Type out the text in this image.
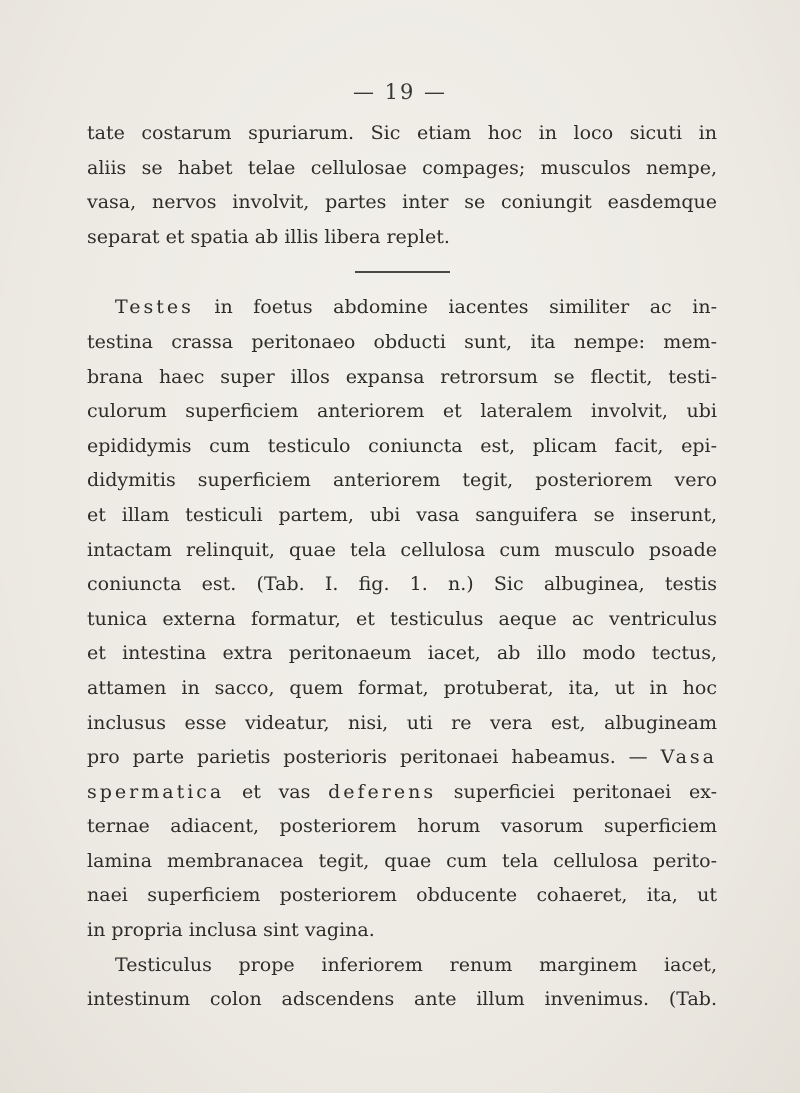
— 19 —
tate costarum spuriarum. Sic etiam hoc in loco sicuti in
aliis se habet telae cellulosae compages; musculos nempe,
vasa, nervos involvit, partes inter se coniungit easdemque
separat et spatia ab illis libera replet.
Testes in foetus abdomine iacentes similiter ac in-
testina crassa peritonaeo obducti sunt, ita nempe: mem-
brana haec super illos expansa retrorsum se flectit, testi-
culorum superficiem anteriorem et lateralem involvit, ubi
epididymis cum testiculo coniuncta est, plicam facit, epi-
didymitis superficiem anteriorem tegit, posteriorem vero
et illam testiculi partem, ubi vasa sanguifera se inserunt,
intactam relinquit, quae tela cellulosa cum musculo psoade
coniuncta est. (Tab. I. fig. 1. n.) Sic albuginea, testis
tunica externa formatur, et testiculus aeque ac ventriculus
et intestina extra peritonaeum iacet, ab illo modo tectus,
attamen in sacco, quem format, protuberat, ita, ut in hoc
inclusus esse videatur, nisi, uti re vera est, albugineam
pro parte parietis posterioris peritonaei habeamus. — Vasa
spermatica et vas deferens superficiei peritonaei ex-
ternae adiacent, posteriorem horum vasorum superficiem
lamina membranacea tegit, quae cum tela cellulosa perito-
naei superficiem posteriorem obducente cohaeret, ita, ut
in propria inclusa sint vagina.
Testiculus prope inferiorem renum marginem iacet,
intestinum colon adscendens ante illum invenimus. (Tab.
